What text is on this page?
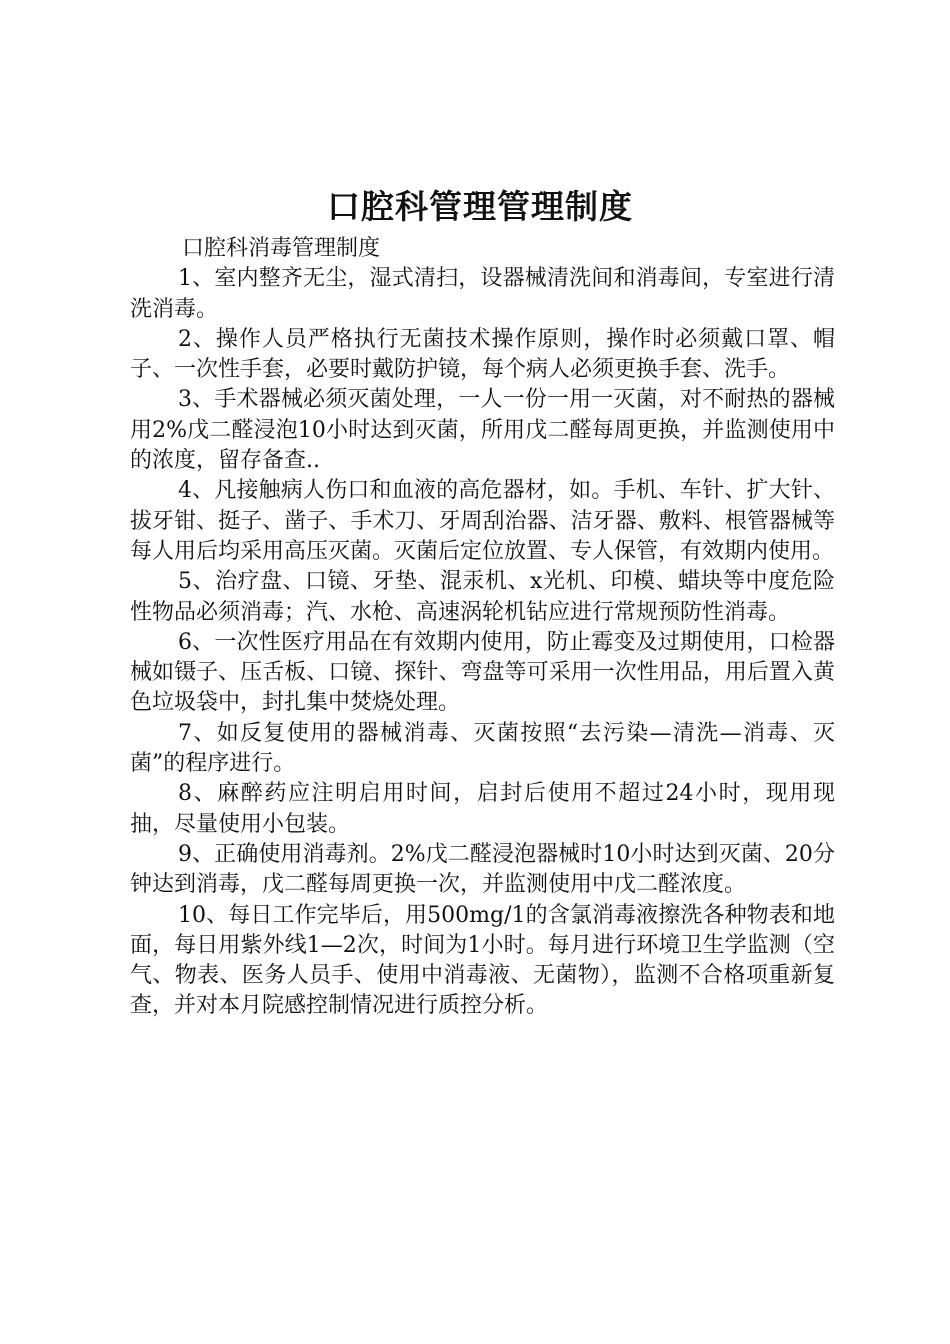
口腔科管理管理制度

口腔科消毒管理制度

1、室内整齐无尘，湿式清扫，设器械清洗间和消毒间，专室进行清洗消毒。

2、操作人员严格执行无菌技术操作原则，操作时必须戴口罩、帽子、一次性手套，必要时戴防护镜，每个病人必须更换手套、洗手。

3、手术器械必须灭菌处理，一人一份一用一灭菌，对不耐热的器械用2%戊二醛浸泡10小时达到灭菌，所用戊二醛每周更换，并监测使用中的浓度，留存备查..

4、凡接触病人伤口和血液的高危器材，如。手机、车针、扩大针、拔牙钳、挺子、凿子、手术刀、牙周刮治器、洁牙器、敷料、根管器械等每人用后均采用高压灭菌。灭菌后定位放置、专人保管，有效期内使用。

5、治疗盘、口镜、牙垫、混汞机、x光机、印模、蜡块等中度危险性物品必须消毒；汽、水枪、高速涡轮机钻应进行常规预防性消毒。

6、一次性医疗用品在有效期内使用，防止霉变及过期使用，口检器械如镊子、压舌板、口镜、探针、弯盘等可采用一次性用品，用后置入黄色垃圾袋中，封扎集中焚烧处理。

7、如反复使用的器械消毒、灭菌按照“去污染—清洗—消毒、灭菌”的程序进行。

8、麻醉药应注明启用时间，启封后使用不超过24小时，现用现抽，尽量使用小包装。

9、正确使用消毒剂。2%戊二醛浸泡器械时10小时达到灭菌、20分钟达到消毒，戊二醛每周更换一次，并监测使用中戊二醛浓度。

10、每日工作完毕后，用500mg/1的含氯消毒液擦洗各种物表和地面，每日用紫外线1—2次，时间为1小时。每月进行环境卫生学监测（空气、物表、医务人员手、使用中消毒液、无菌物），监测不合格项重新复查，并对本月院感控制情况进行质控分析。
